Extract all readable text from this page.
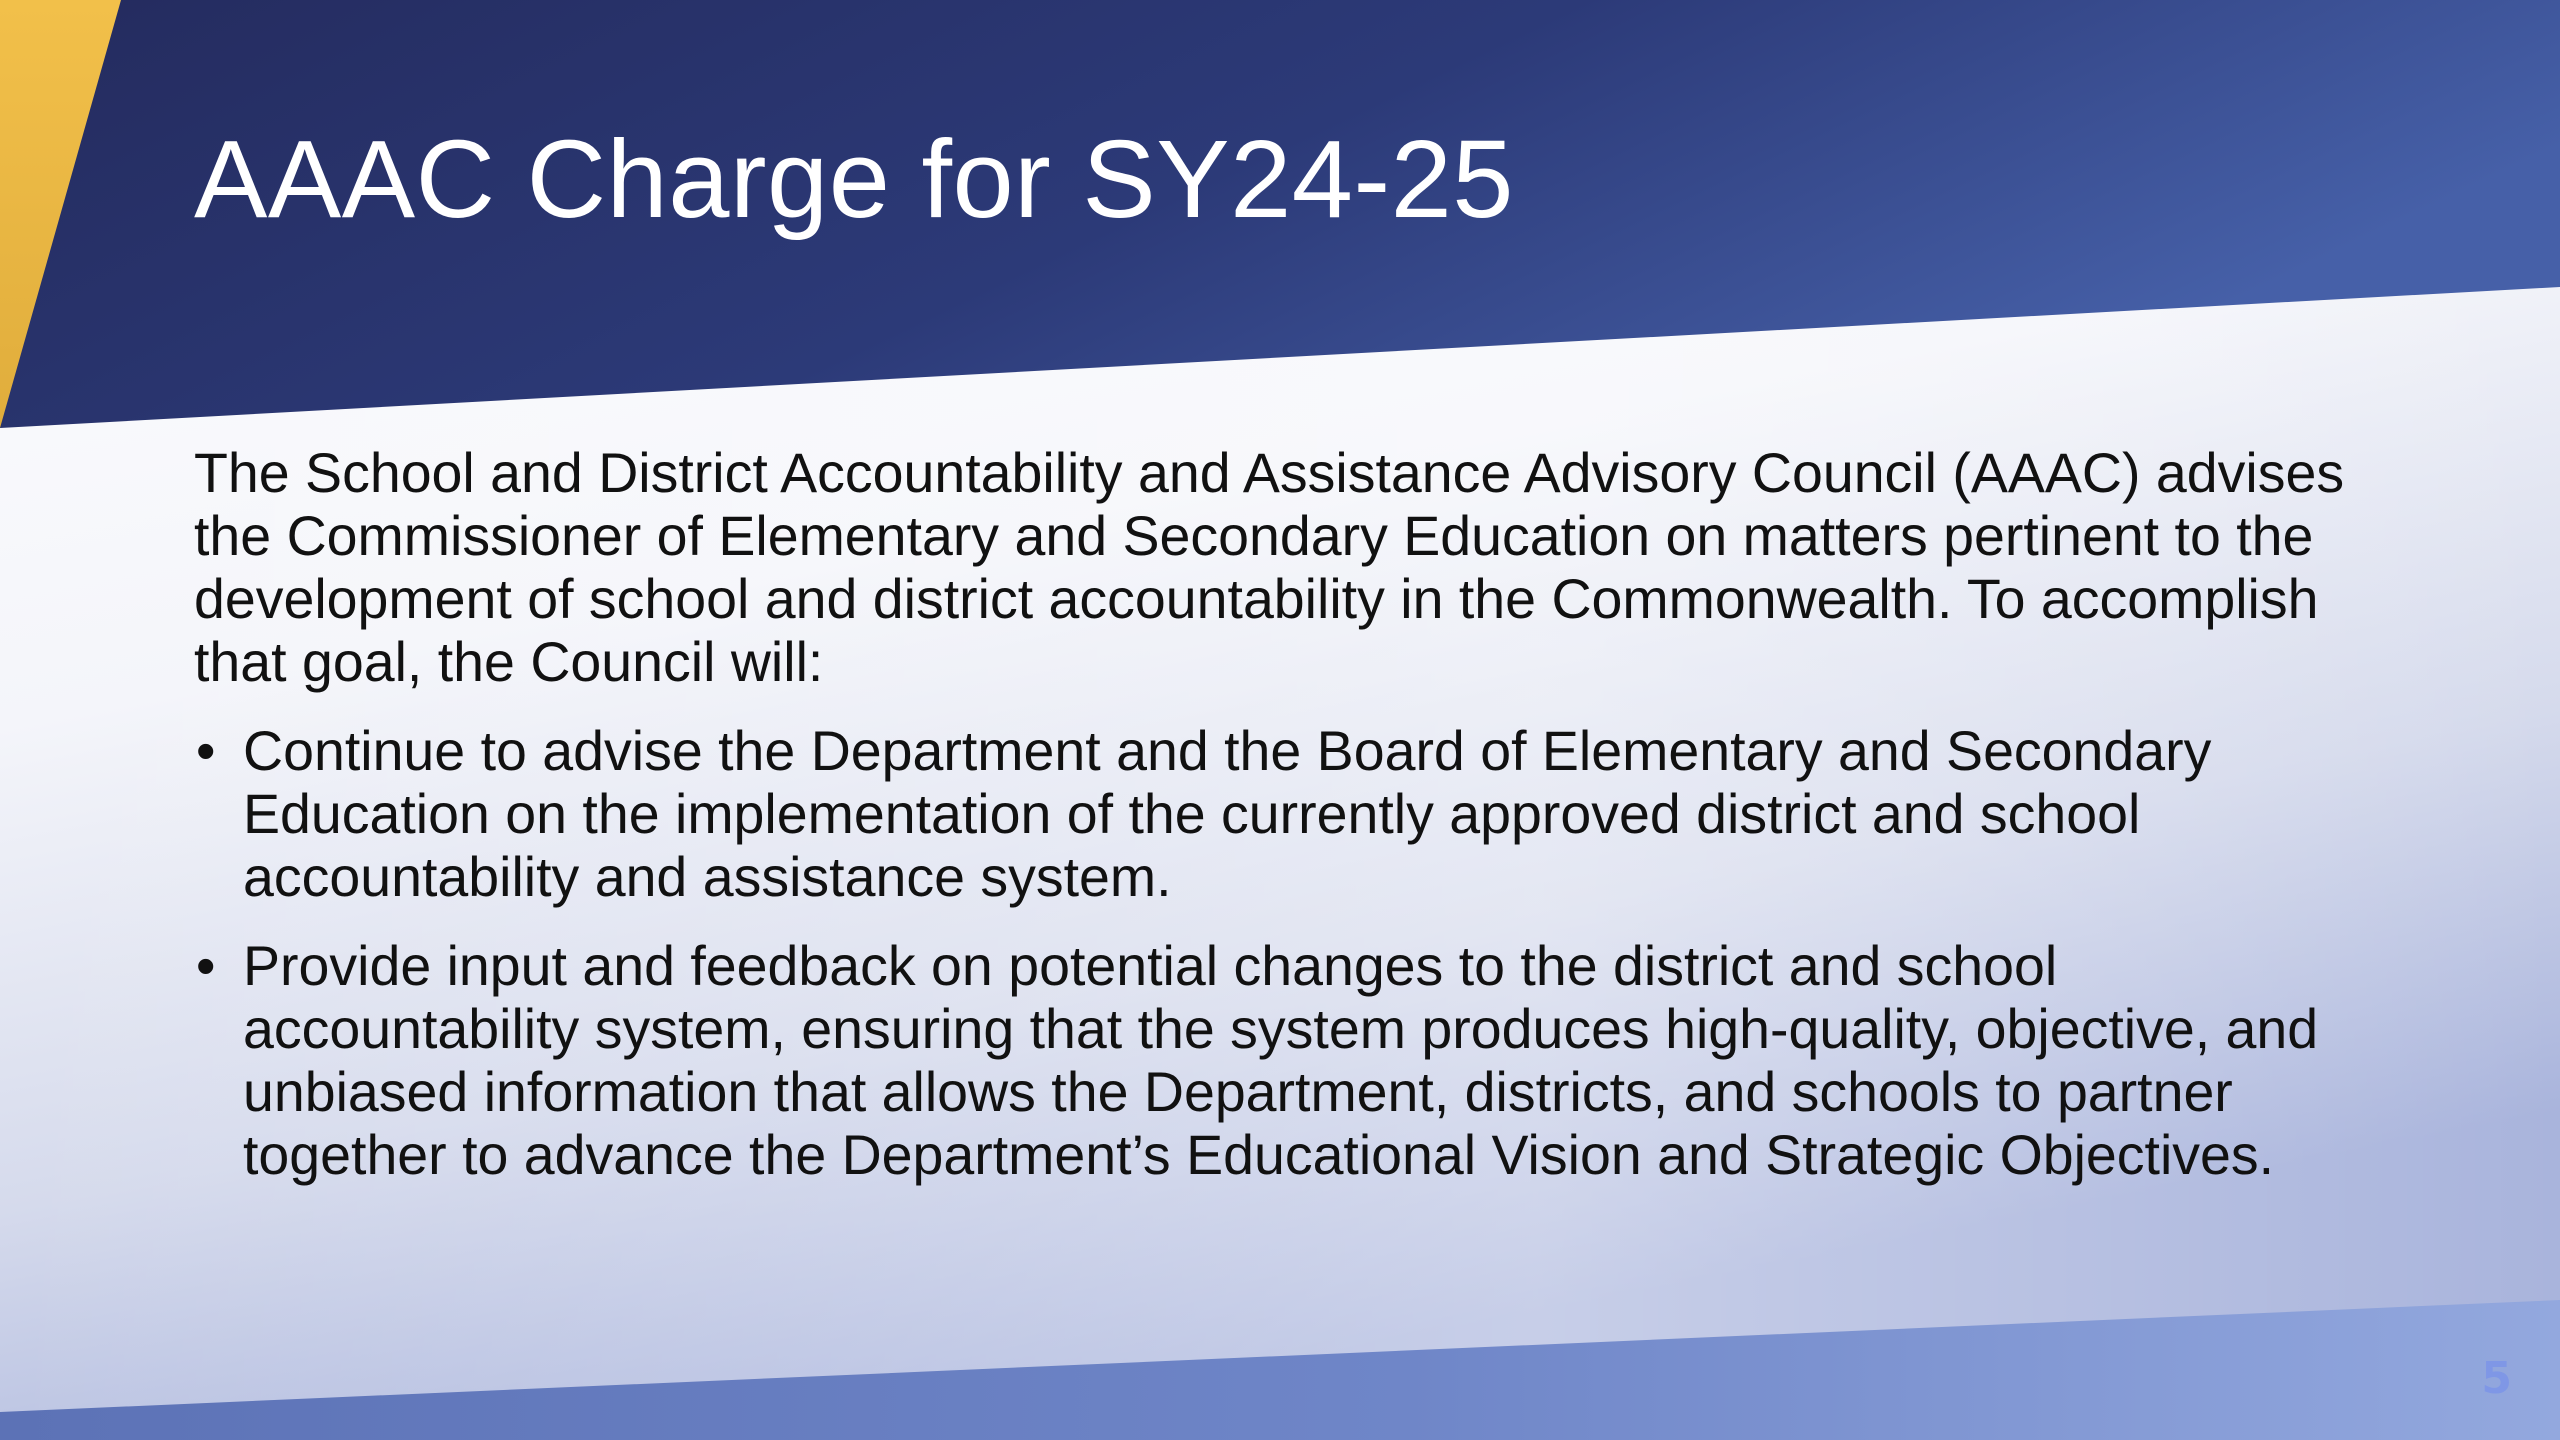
AAAC Charge for SY24-25

The School and District Accountability and Assistance Advisory Council (AAAC) advises the Commissioner of Elementary and Secondary Education on matters pertinent to the development of school and district accountability in the Commonwealth. To accomplish that goal, the Council will:

• Continue to advise the Department and the Board of Elementary and Secondary Education on the implementation of the currently approved district and school accountability and assistance system.
• Provide input and feedback on potential changes to the district and school accountability system, ensuring that the system produces high-quality, objective, and unbiased information that allows the Department, districts, and schools to partner together to advance the Department’s Educational Vision and Strategic Objectives.
5
